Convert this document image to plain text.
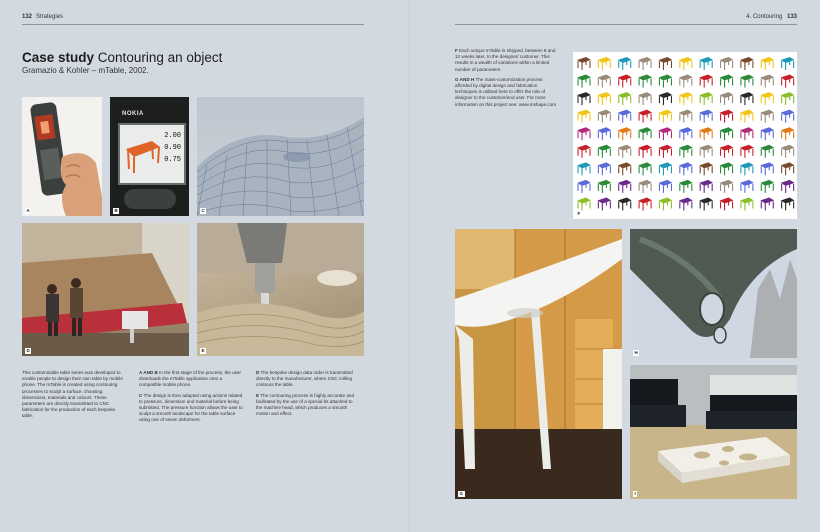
132 Strategies
Case study Contouring an object
Gramazio & Kohler – mTable, 2002.
A
NOKIA
2.00
0.90
0.75
B	C
D	E
This customizable table series was developed to enable people to design their own table by mobile phone. The mTable is created using contouring processes to sculpt a surface, choosing dimensions, materials and colours. These parameters are directly transmitted to CNC fabrication for the production of each bespoke table.

A AND B In the first stage of the process, the user downloads the mTable application onto a compatible mobile phone.

C The design is then adapted using actions related to pressure, dimension and material before being submitted. The pressure function allows the user to sculpt a smooth landscape for the table surface using one of seven deformers.

D The bespoke design data order is transmitted directly to the manufacturer, where CNC milling contours the table.

E The contouring process is highly accurate and facilitated by the use of a special bit attached to the machine head, which produces a smooth motion and effect.

4. Contouring 133

F Each unique mTable is shipped, between 8 and 12 weeks later, to the designer/ customer. This results in a wealth of variations within a limited number of parameters.

G AND H The mass-customization process afforded by digital design and fabrication techniques is utilized here to offer the role of designer to the customer/end user. For more information on this project see: www.mshape.com

F
G
H
I
